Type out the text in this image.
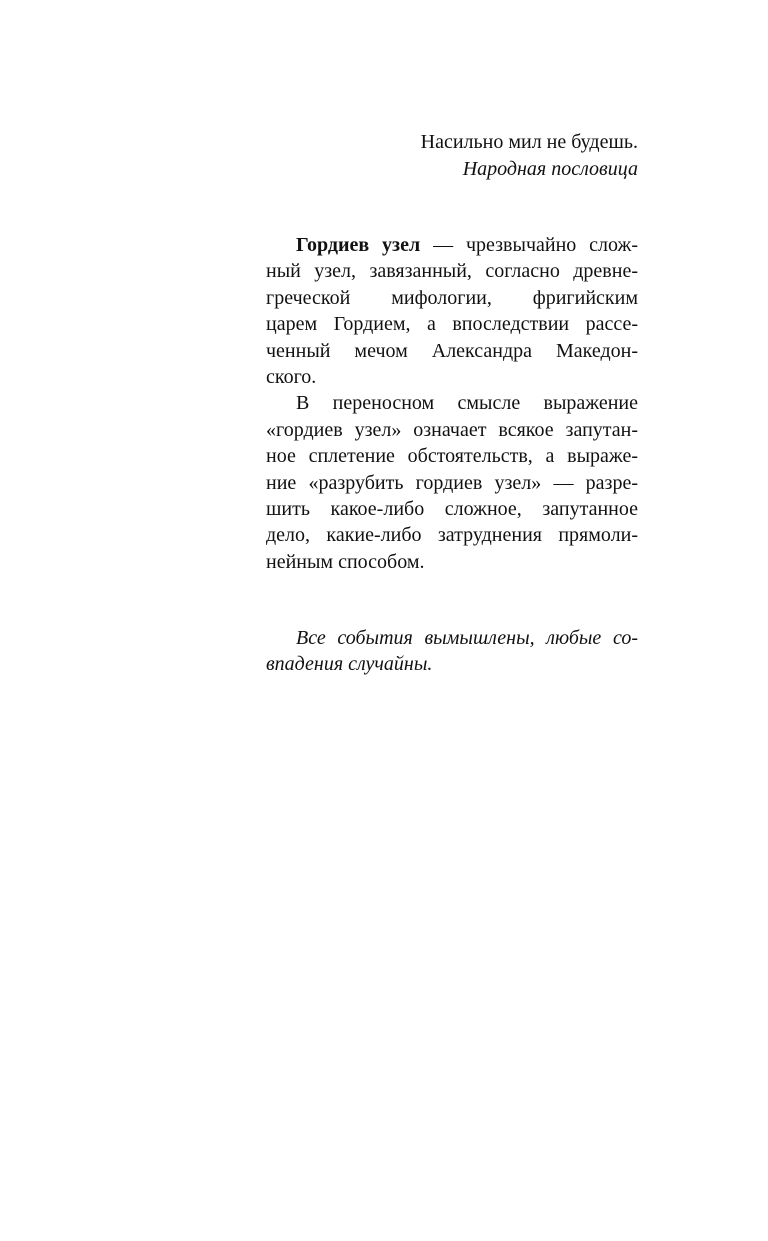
Насильно мил не будешь.
Народная пословица
Гордиев узел — чрезвычайно слож-
ный узел, завязанный, согласно древне-
греческой мифологии, фригийским
царем Гордием, а впоследствии рассе-
ченный мечом Александра Македон-
ского.
В переносном смысле выражение
«гордиев узел» означает всякое запутан-
ное сплетение обстоятельств, а выраже-
ние «разрубить гордиев узел» — разре-
шить какое-либо сложное, запутанное
дело, какие-либо затруднения прямоли-
нейным способом.
Все события вымышлены, любые со-
впадения случайны.
